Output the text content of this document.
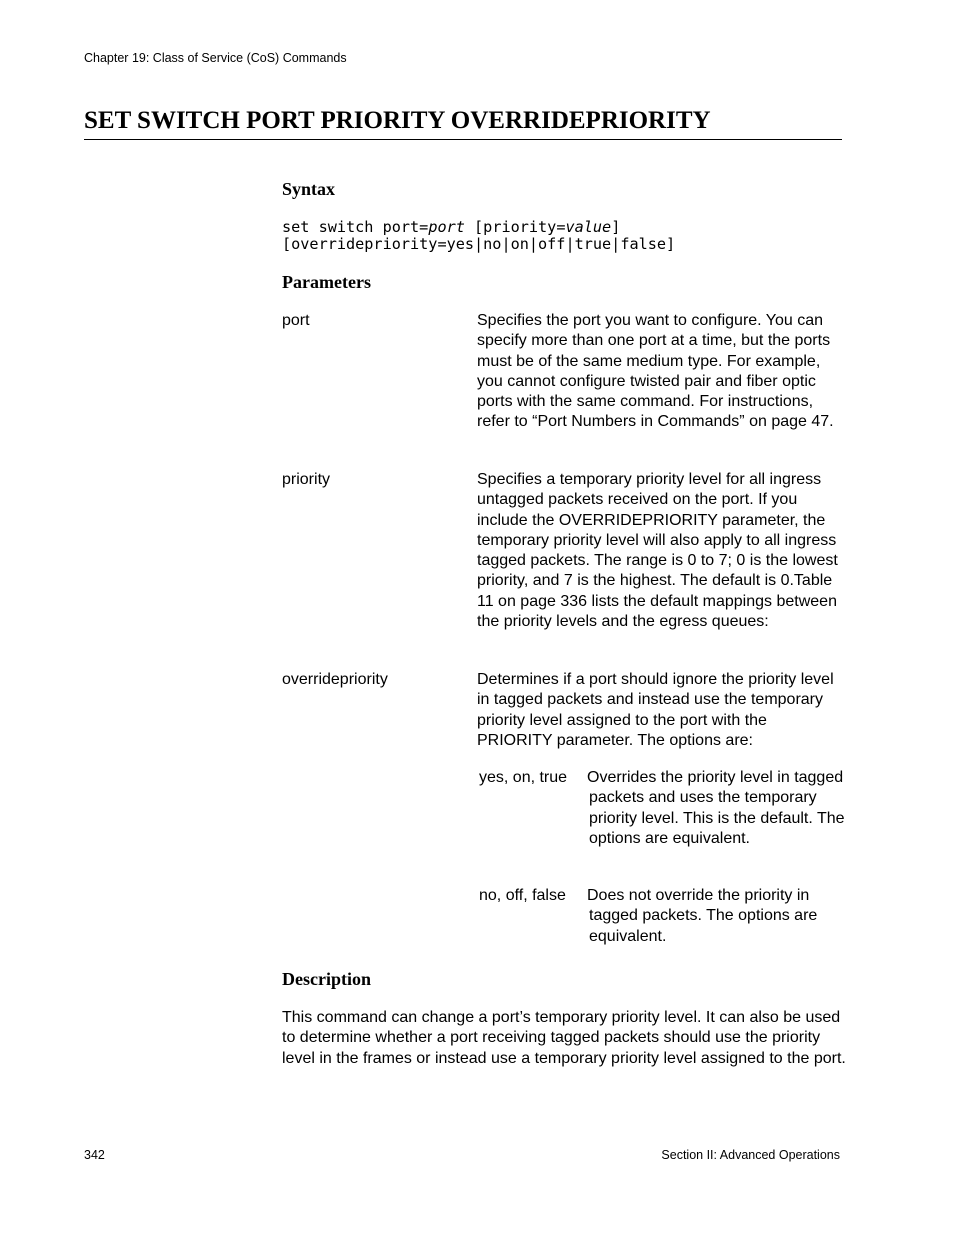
Chapter 19: Class of Service (CoS) Commands
SET SWITCH PORT PRIORITY OVERRIDEPRIORITY
Syntax
set switch port=port [priority=value]
[overridepriority=yes|no|on|off|true|false]
Parameters
port	Specifies the port you want to configure. You can specify more than one port at a time, but the ports must be of the same medium type. For example, you cannot configure twisted pair and fiber optic ports with the same command. For instructions, refer to “Port Numbers in Commands” on page 47.
priority	Specifies a temporary priority level for all ingress untagged packets received on the port. If you include the OVERRIDEPRIORITY parameter, the temporary priority level will also apply to all ingress tagged packets. The range is 0 to 7; 0 is the lowest priority, and 7 is the highest. The default is 0.Table 11 on page 336 lists the default mappings between the priority levels and the egress queues:
overridepriority	Determines if a port should ignore the priority level in tagged packets and instead use the temporary priority level assigned to the port with the PRIORITY parameter. The options are:
yes, on, true Overrides the priority level in tagged packets and uses the temporary priority level. This is the default. The options are equivalent.
no, off, false Does not override the priority in tagged packets. The options are equivalent.
Description

This command can change a port’s temporary priority level. It can also be used to determine whether a port receiving tagged packets should use the priority level in the frames or instead use a temporary priority level assigned to the port.

342	Section II: Advanced Operations
